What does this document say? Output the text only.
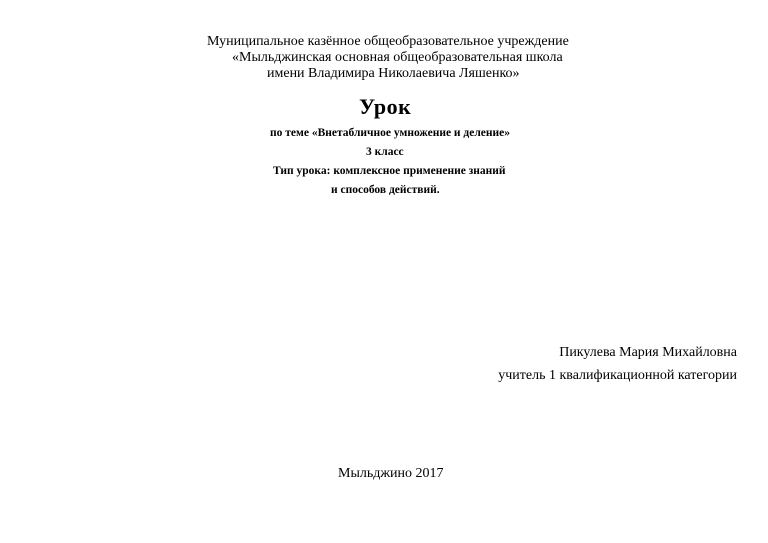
Муниципальное казённое общеобразовательное учреждение
«Мыльджинская основная общеобразовательная школа
имени Владимира Николаевича Ляшенко»
Урок
по теме «Внетабличное умножение и деление»
3 класс
Тип урока: комплексное применение знаний
и способов действий.
Пикулева Мария Михайловна
учитель 1 квалификационной категории
Мыльджино 2017
